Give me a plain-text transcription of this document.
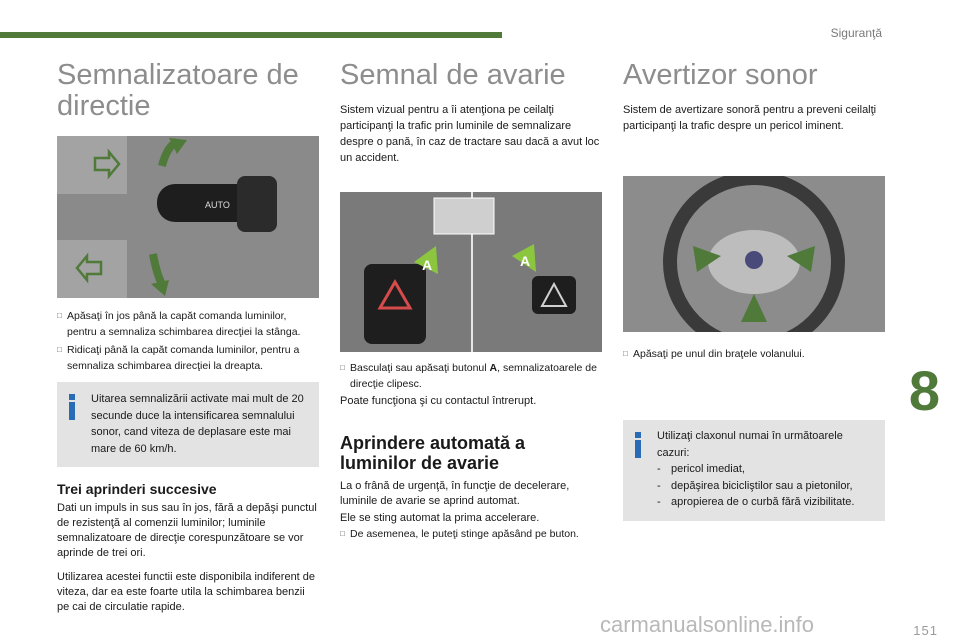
Siguranţă
8
Semnalizatoare de directie
AUTO
□ Apăsaţi în jos până la capăt comanda luminilor, pentru a semnaliza schimbarea direcţiei la stânga.
□ Ridicaţi până la capăt comanda luminilor, pentru a semnaliza schimbarea direcţiei la dreapta.
Uitarea semnalizării activate mai mult de 20 secunde duce la intensificarea semnalului sonor, cand viteza de deplasare este mai mare de 60 km/h.
Trei aprinderi succesive

Dati un impuls in sus sau în jos, fără a depăşi punctul de rezistenţă al comenzii luminilor; luminile semnalizatoare de direcţie corespunzătoare se vor aprinde de trei ori.

Utilizarea acestei functii este disponibila indiferent de viteza, dar ea este foarte utila la schimbarea benzii pe cai de circulatie rapide.

Semnal de avarie

Sistem vizual pentru a îi atenţiona pe ceilalţi participanţi la trafic prin luminile de semnalizare despre o pană, în caz de tractare sau dacă a avut loc un accident.

A	A
□ Basculaţi sau apăsaţi butonul A, semnalizatoarele de direcţie clipesc.

Poate funcţiona şi cu contactul întrerupt.

Aprindere automată a luminilor de avarie

La o frână de urgenţă, în funcţie de decelerare, luminile de avarie se aprind automat.

Ele se sting automat la prima accelerare.

□ De asemenea, le puteţi stinge apăsând pe buton.
Avertizor sonor

Sistem de avertizare sonoră pentru a preveni ceilalţi participanţi la trafic despre un pericol iminent.

□ Apăsaţi pe unul din braţele volanului.
Utilizaţi claxonul numai în următoarele cazuri:
- pericol imediat,
- depăşirea bicicliştilor sau a pietonilor,
- apropierea de o curbă fără vizibilitate.
carmanualsonline.info	151
